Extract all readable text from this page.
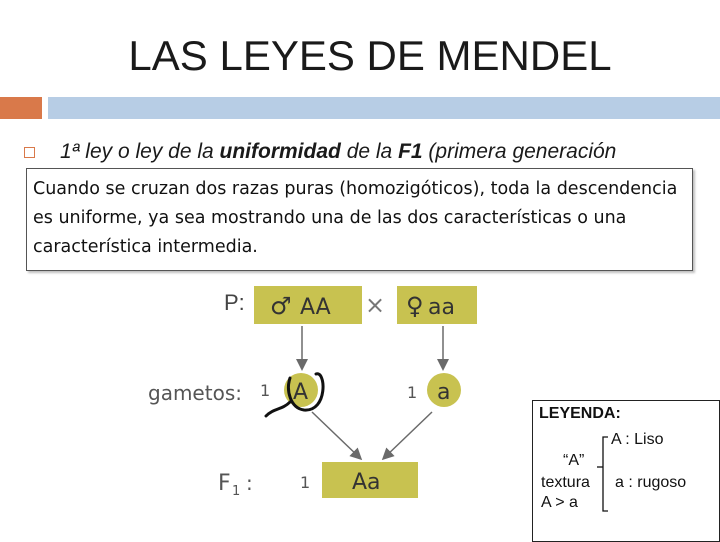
LAS LEYES DE MENDEL
1ª ley o ley de la uniformidad de la F1 (primera generación
Cuando se cruzan dos razas puras (homozigóticos), toda la descendencia es uniforme, ya sea mostrando una de las dos características o una característica intermedia.
P: ♂ AA × ♀ aa
gametos: 1 A	1 a
F 1 :	1 Aa
LEYENDA:
A : Liso
“A”
textura a : rugoso
A > a
